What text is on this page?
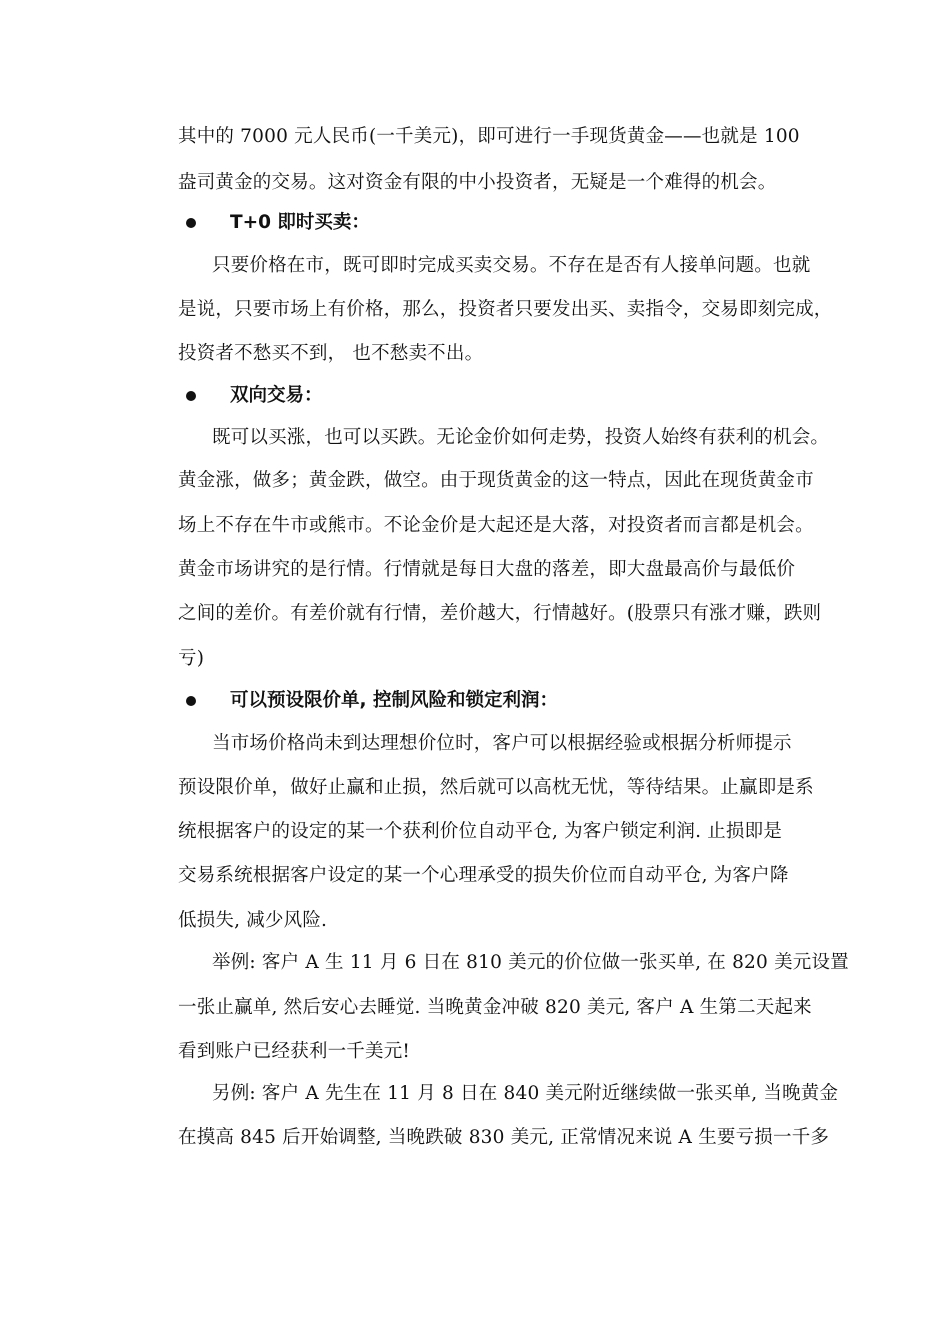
其中的 7000 元人民币(一千美元)，即可进行一手现货黄金——也就是 100
盎司黄金的交易。这对资金有限的中小投资者，无疑是一个难得的机会。
T+0 即时买卖：
只要价格在市，既可即时完成买卖交易。不存在是否有人接单问题。也就
是说，只要市场上有价格，那么，投资者只要发出买、卖指令，交易即刻完成，
投资者不愁买不到， 也不愁卖不出。
双向交易：
既可以买涨，也可以买跌。无论金价如何走势，投资人始终有获利的机会。
黄金涨，做多；黄金跌，做空。由于现货黄金的这一特点，因此在现货黄金市
场上不存在牛市或熊市。不论金价是大起还是大落，对投资者而言都是机会。
黄金市场讲究的是行情。行情就是每日大盘的落差，即大盘最高价与最低价
之间的差价。有差价就有行情，差价越大，行情越好。(股票只有涨才赚，跌则
亏)
可以预设限价单, 控制风险和锁定利润：
当市场价格尚未到达理想价位时，客户可以根据经验或根据分析师提示
预设限价单，做好止赢和止损，然后就可以高枕无忧，等待结果。止赢即是系
统根据客户的设定的某一个获利价位自动平仓, 为客户锁定利润. 止损即是
交易系统根据客户设定的某一个心理承受的损失价位而自动平仓, 为客户降
低损失, 减少风险.
举例: 客户 A 生 11 月 6 日在 810 美元的价位做一张买单, 在 820 美元设置
一张止赢单, 然后安心去睡觉. 当晚黄金冲破 820 美元, 客户 A 生第二天起来
看到账户已经获利一千美元!
另例: 客户 A 先生在 11 月 8 日在 840 美元附近继续做一张买单, 当晚黄金
在摸高 845 后开始调整, 当晚跌破 830 美元, 正常情况来说 A 生要亏损一千多
